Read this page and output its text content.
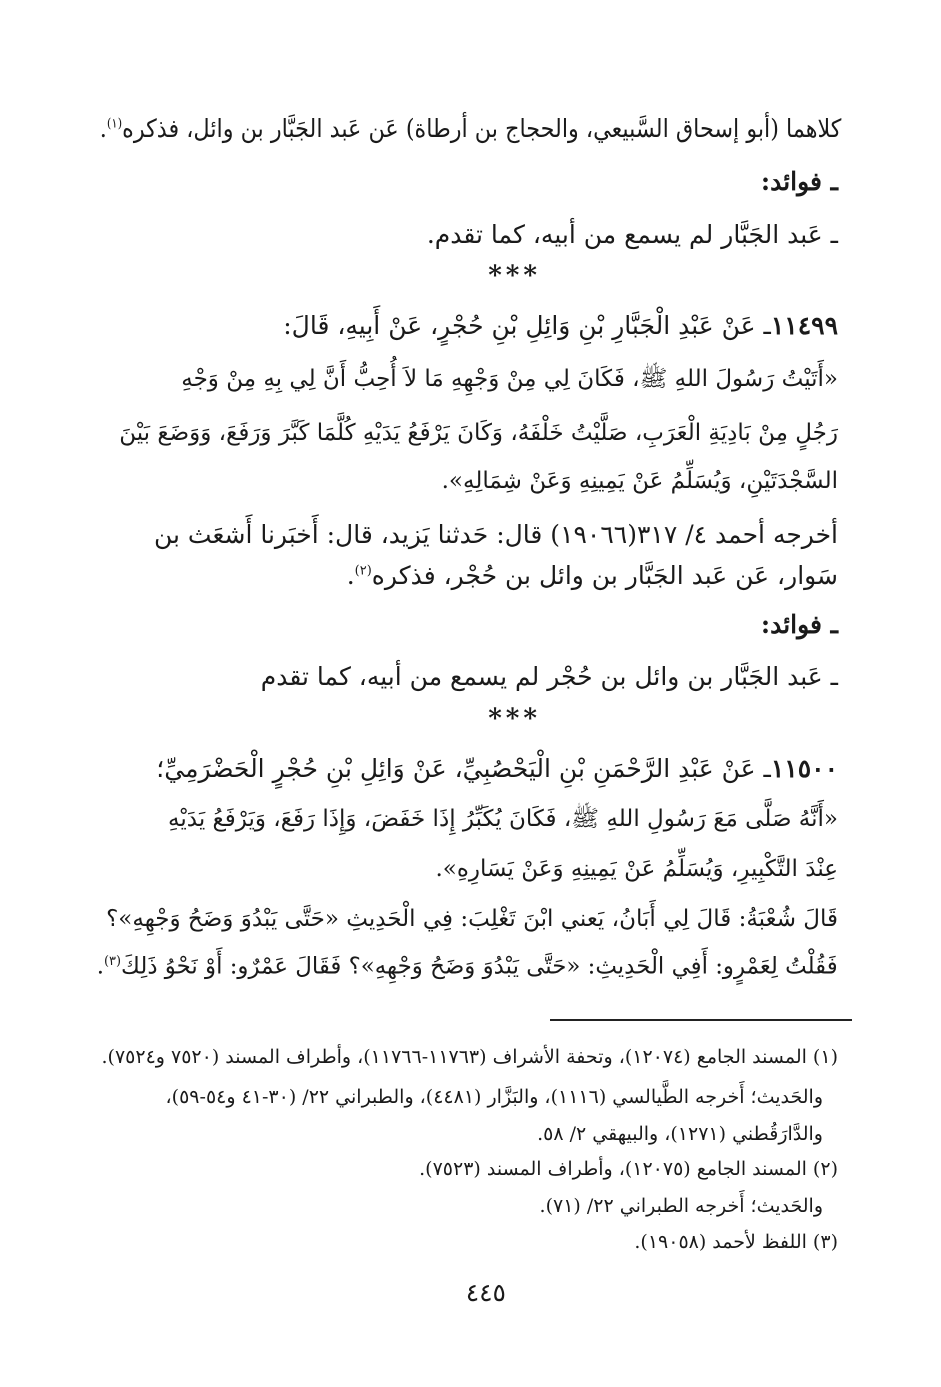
كلاهما (أبو إسحاق السَّبيعي، والحجاج بن أرطاة) عَن عَبد الجَبَّار بن وائل، فذكره$^{(١)}$.
ـ فوائد:
ـ عَبد الجَبَّار لم يسمع من أبيه، كما تقدم.
***
١١٤٩٩ـ عَنْ عَبْدِ الْجَبَّارِ بْنِ وَائِلِ بْنِ حُجْرٍ، عَنْ أَبِيهِ، قَالَ:
«أَتَيْتُ رَسُولَ اللهِ ﷺ، فَكَانَ لِي مِنْ وَجْهِهِ مَا لاَ أُحِبُّ أَنَّ لِي بِهِ مِنْ وَجْهِ
رَجُلٍ مِنْ بَادِيَةِ الْعَرَبِ، صَلَّيْتُ خَلْفَهُ، وَكَانَ يَرْفَعُ يَدَيْهِ كُلَّمَا كَبَّرَ وَرَفَعَ، وَوَضَعَ بَيْنَ
السَّجْدَتَيْنِ، وَيُسَلِّمُ عَنْ يَمِينِهِ وَعَنْ شِمَالِهِ».
أخرجه أحمد ٤/ ٣١٧(١٩٠٦٦) قال: حَدثنا يَزيد، قال: أَخبَرنا أَشعَث بن
سَوار، عَن عَبد الجَبَّار بن وائل بن حُجْر، فذكره$^{(٢)}$.
ـ فوائد:
ـ عَبد الجَبَّار بن وائل بن حُجْر لم يسمع من أبيه، كما تقدم
***
١١٥٠٠ـ عَنْ عَبْدِ الرَّحْمَنِ بْنِ الْيَحْصُبِيِّ، عَنْ وَائِلِ بْنِ حُجْرٍ الْحَضْرَمِيِّ؛
«أَنَّهُ صَلَّى مَعَ رَسُولِ اللهِ ﷺ، فَكَانَ يُكَبِّرُ إِذَا خَفَضَ، وَإِذَا رَفَعَ، وَيَرْفَعُ يَدَيْهِ
عِنْدَ التَّكْبِيرِ، وَيُسَلِّمُ عَنْ يَمِينِهِ وَعَنْ يَسَارِهِ».
قَالَ شُعْبَةُ: قَالَ لِي أَبَانُ، يَعني ابْنَ تَغْلِبَ: فِي الْحَدِيثِ «حَتَّى يَبْدُوَ وَضَحُ وَجْهِهِ»؟
فَقُلْتُ لِعَمْرٍو: أَفِي الْحَدِيثِ: «حَتَّى يَبْدُوَ وَضَحُ وَجْهِهِ»؟ فَقَالَ عَمْرٌو: أَوْ نَحْوُ ذَلِكَ$^{(٣)}$.
(١) المسند الجامع (١٢٠٧٤)، وتحفة الأشراف (١١٧٦٣-١١٧٦٦)، وأطراف المسند (٧٥٢٠ و٧٥٢٤).
والحَديث؛ أَخرجه الطَّيالسي (١١١٦)، والبَزَّار (٤٤٨١)، والطبراني ٢٢/ (٣٠-٤١ و٥٤-٥٩)،
والدَّارَقُطني (١٢٧١)، والبيهقي ٢/ ٥٨.
(٢) المسند الجامع (١٢٠٧٥)، وأطراف المسند (٧٥٢٣).
والحَديث؛ أَخرجه الطبراني ٢٢/ (٧١).
(٣) اللفظ لأحمد (١٩٠٥٨).
٤٤٥
